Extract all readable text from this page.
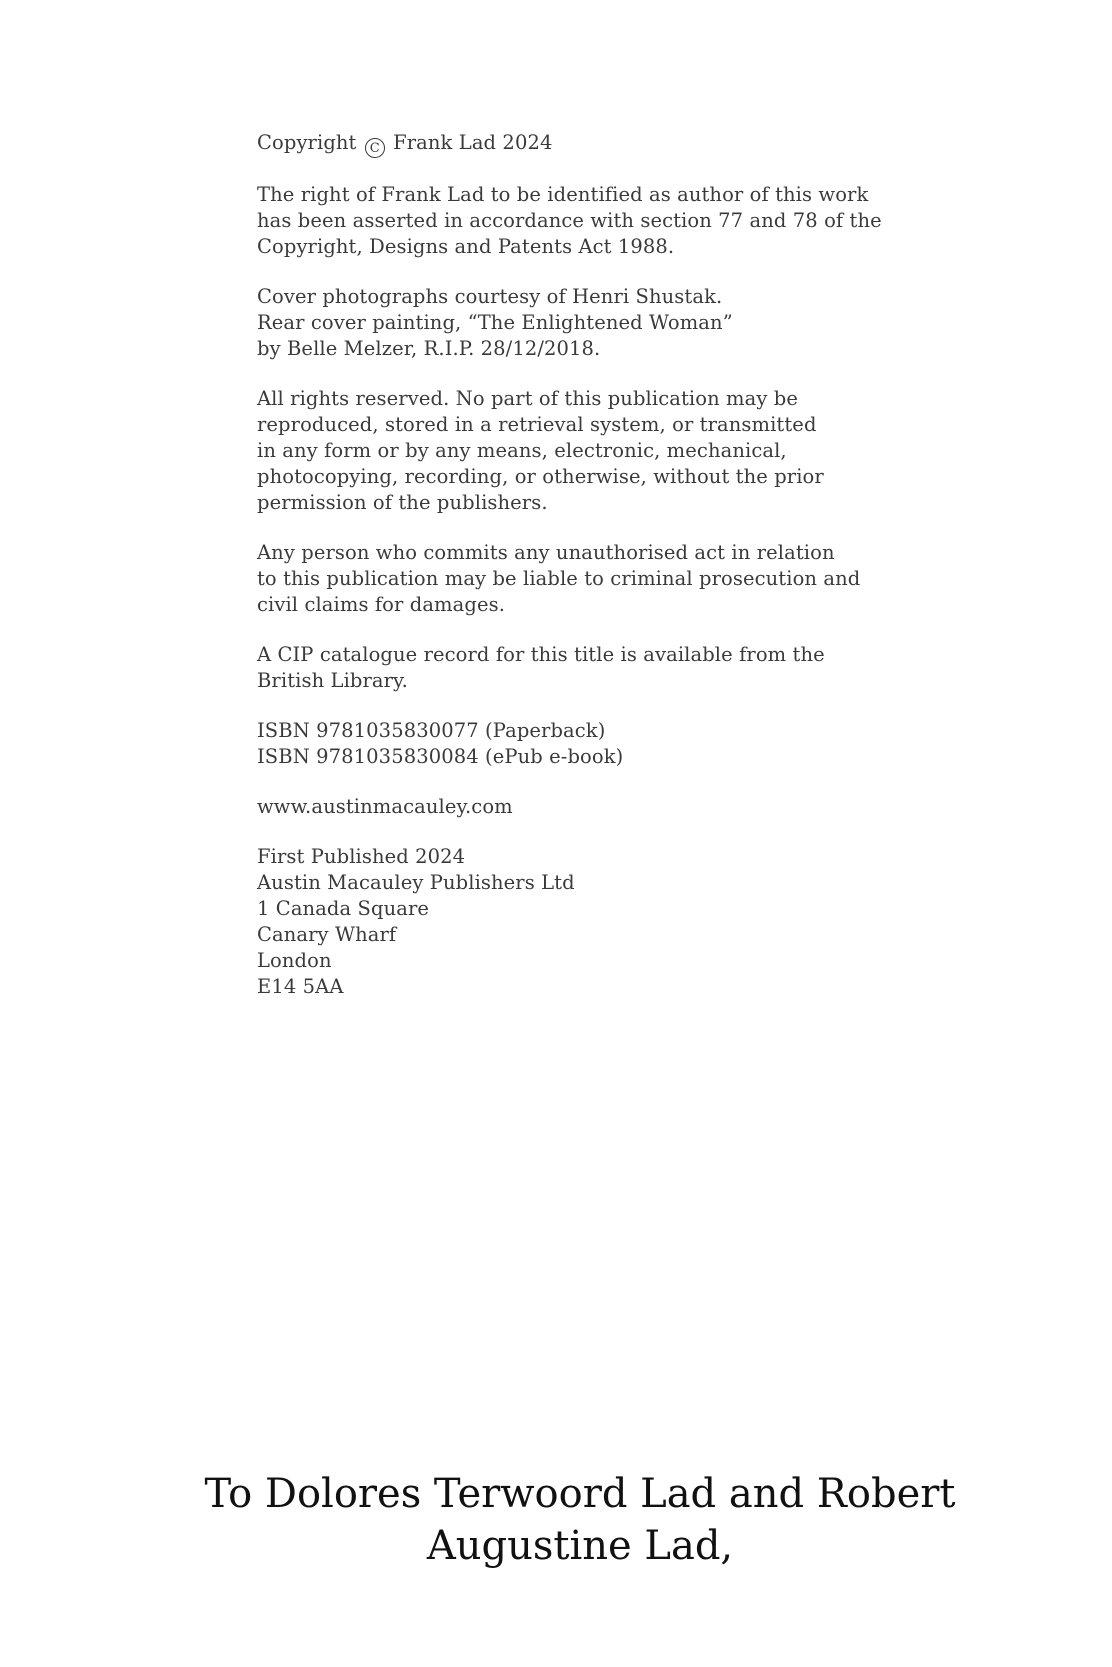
Copyright C Frank Lad 2024

The right of Frank Lad to be identified as author of this work
has been asserted in accordance with section 77 and 78 of the
Copyright, Designs and Patents Act 1988.

Cover photographs courtesy of Henri Shustak.
Rear cover painting, “The Enlightened Woman”
by Belle Melzer, R.I.P. 28/12/2018.

All rights reserved. No part of this publication may be
reproduced, stored in a retrieval system, or transmitted
in any form or by any means, electronic, mechanical,
photocopying, recording, or otherwise, without the prior
permission of the publishers.

Any person who commits any unauthorised act in relation
to this publication may be liable to criminal prosecution and
civil claims for damages.

A CIP catalogue record for this title is available from the
British Library.

ISBN 9781035830077 (Paperback)
ISBN 9781035830084 (ePub e-book)

www.austinmacauley.com

First Published 2024
Austin Macauley Publishers Ltd
1 Canada Square
Canary Wharf
London
E14 5AA

To Dolores Terwoord Lad and Robert
Augustine Lad,
